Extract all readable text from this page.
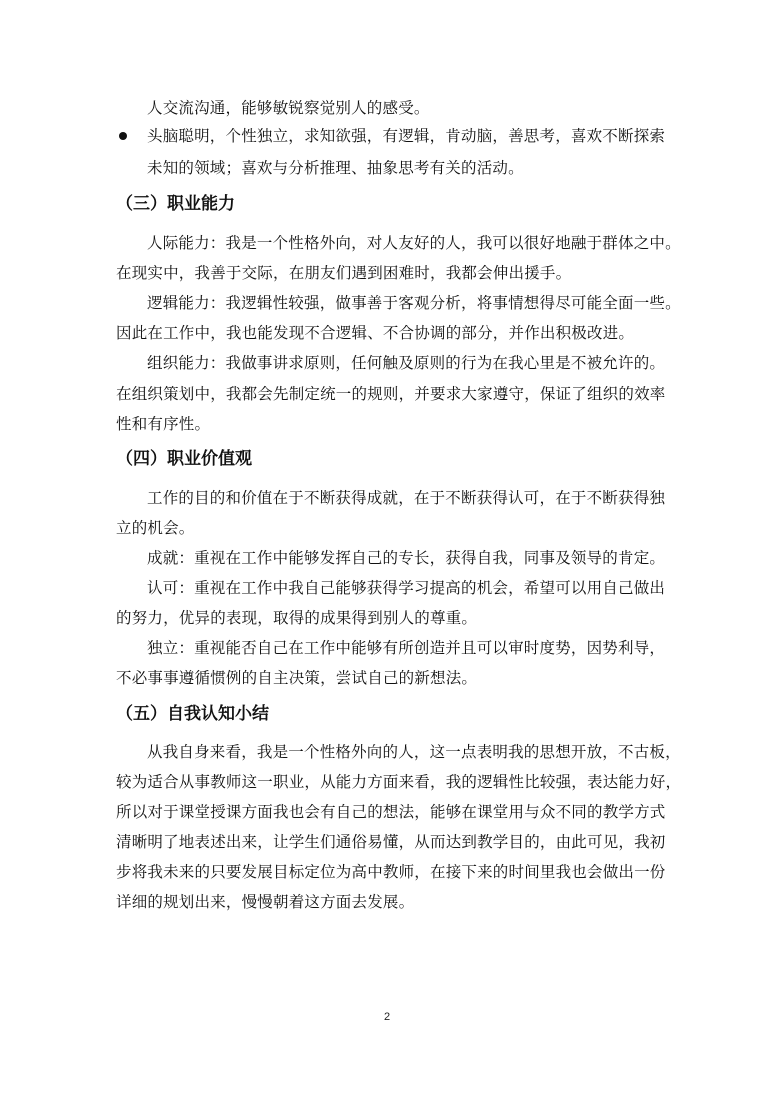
人交流沟通，能够敏锐察觉别人的感受。
头脑聪明，个性独立，求知欲强，有逻辑，肯动脑，善思考，喜欢不断探索
未知的领域；喜欢与分析推理、抽象思考有关的活动。
（三）职业能力
人际能力：我是一个性格外向，对人友好的人，我可以很好地融于群体之中。
在现实中，我善于交际，在朋友们遇到困难时，我都会伸出援手。
逻辑能力：我逻辑性较强，做事善于客观分析，将事情想得尽可能全面一些。
因此在工作中，我也能发现不合逻辑、不合协调的部分，并作出积极改进。
组织能力：我做事讲求原则，任何触及原则的行为在我心里是不被允许的。
在组织策划中，我都会先制定统一的规则，并要求大家遵守，保证了组织的效率
性和有序性。
（四）职业价值观
工作的目的和价值在于不断获得成就，在于不断获得认可，在于不断获得独
立的机会。
成就：重视在工作中能够发挥自己的专长，获得自我，同事及领导的肯定。
认可：重视在工作中我自己能够获得学习提高的机会，希望可以用自己做出
的努力，优异的表现，取得的成果得到别人的尊重。
独立：重视能否自己在工作中能够有所创造并且可以审时度势，因势利导，
不必事事遵循惯例的自主决策，尝试自己的新想法。
（五）自我认知小结
从我自身来看，我是一个性格外向的人，这一点表明我的思想开放，不古板，
较为适合从事教师这一职业，从能力方面来看，我的逻辑性比较强，表达能力好，
所以对于课堂授课方面我也会有自己的想法，能够在课堂用与众不同的教学方式
清晰明了地表述出来，让学生们通俗易懂，从而达到教学目的，由此可见，我初
步将我未来的只要发展目标定位为高中教师，在接下来的时间里我也会做出一份
详细的规划出来，慢慢朝着这方面去发展。
2
